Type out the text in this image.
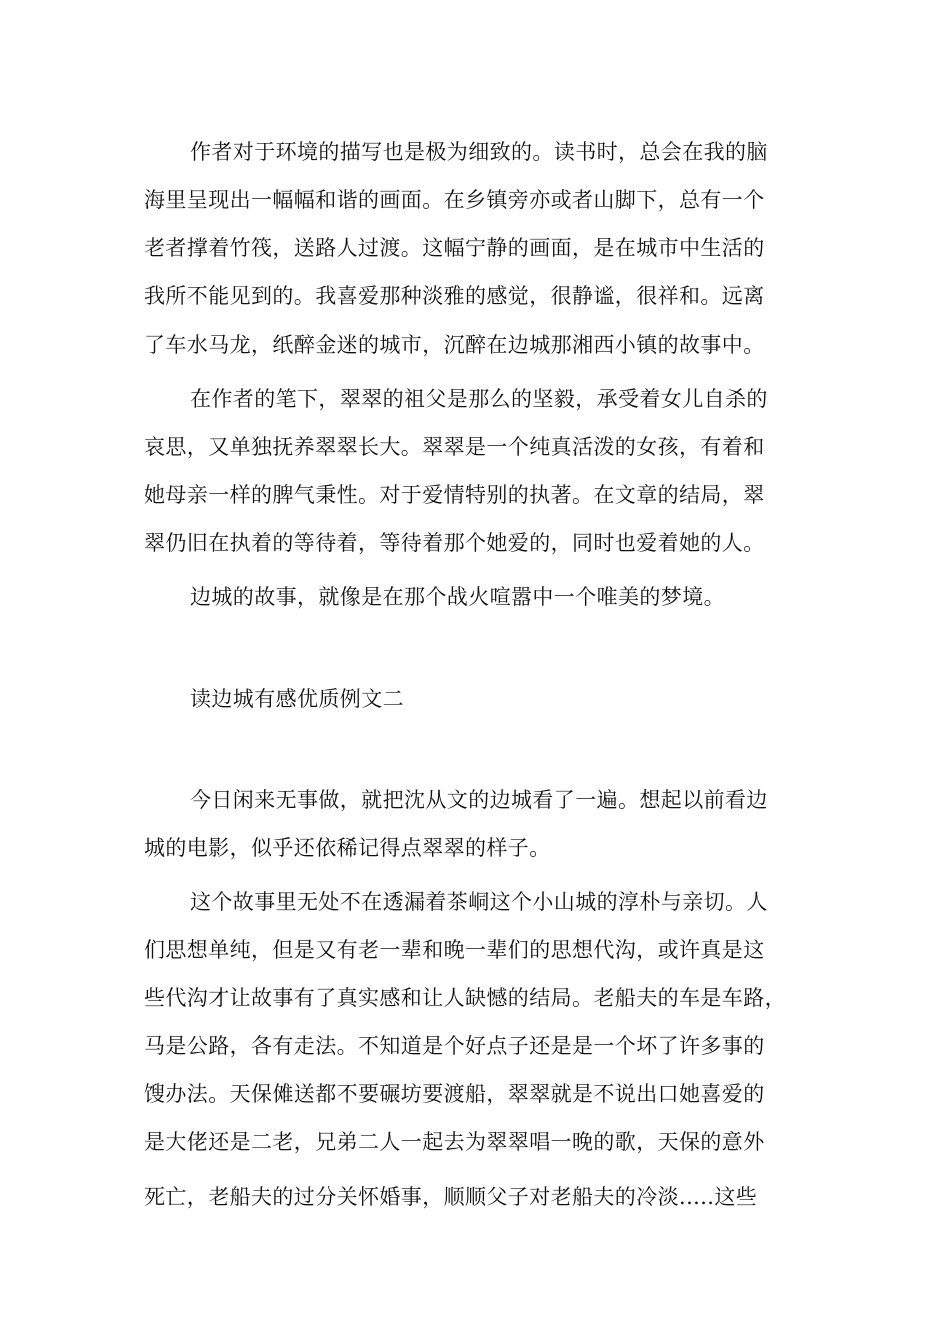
作者对于环境的描写也是极为细致的。读书时，总会在我的脑
海里呈现出一幅幅和谐的画面。在乡镇旁亦或者山脚下，总有一个
老者撑着竹筏，送路人过渡。这幅宁静的画面，是在城市中生活的
我所不能见到的。我喜爱那种淡雅的感觉，很静谧，很祥和。远离
了车水马龙，纸醉金迷的城市，沉醉在边城那湘西小镇的故事中。
在作者的笔下，翠翠的祖父是那么的坚毅，承受着女儿自杀的
哀思，又单独抚养翠翠长大。翠翠是一个纯真活泼的女孩，有着和
她母亲一样的脾气秉性。对于爱情特别的执著。在文章的结局，翠
翠仍旧在执着的等待着，等待着那个她爱的，同时也爱着她的人。
边城的故事，就像是在那个战火喧嚣中一个唯美的梦境。
读边城有感优质例文二
今日闲来无事做，就把沈从文的边城看了一遍。想起以前看边
城的电影，似乎还依稀记得点翠翠的样子。
这个故事里无处不在透漏着茶峒这个小山城的淳朴与亲切。人
们思想单纯，但是又有老一辈和晚一辈们的思想代沟，或许真是这
些代沟才让故事有了真实感和让人缺憾的结局。老船夫的车是车路，
马是公路，各有走法。不知道是个好点子还是是一个坏了许多事的
馊办法。天保傩送都不要碾坊要渡船，翠翠就是不说出口她喜爱的
是大佬还是二老，兄弟二人一起去为翠翠唱一晚的歌，天保的意外
死亡，老船夫的过分关怀婚事，顺顺父子对老船夫的冷淡.....这些
